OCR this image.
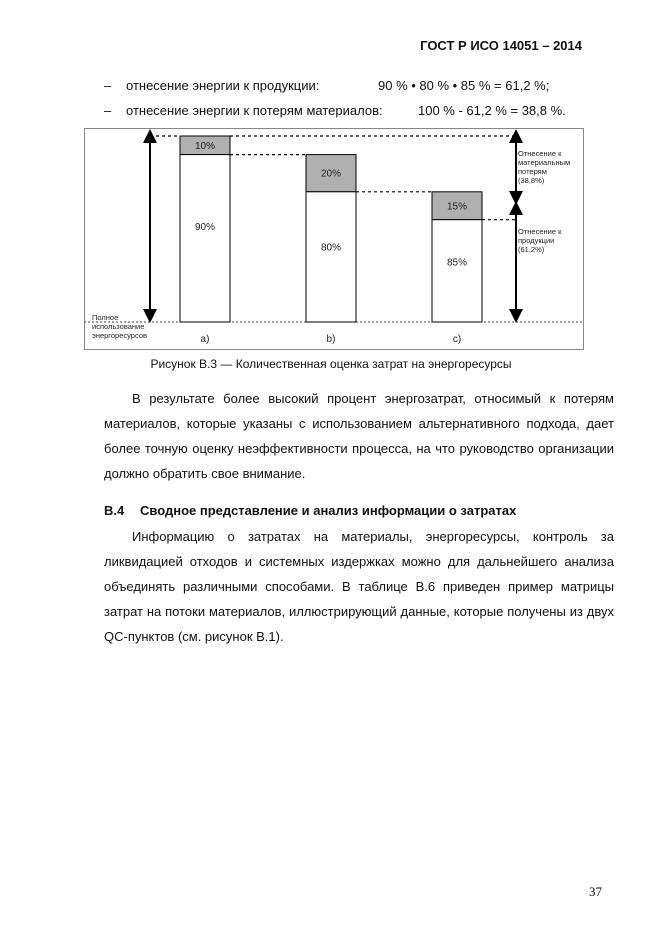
ГОСТ Р ИСО 14051 – 2014
– отнесение энергии к продукции:	90 % • 80 % • 85 % = 61,2 %;
– отнесение энергии к потерям материалов:	100 % - 61,2 % = 38,8 %.
10%
90%
a)
20%
80%
b)
15%
85%
c)
Полное использование энергоресурсов
Отнесение к материальным потерям (38,8%)
Отнесение к продукции (61,2%)
Рисунок В.3 — Количественная оценка затрат на энергоресурсы

В результате более высокий процент энергозатрат, относимый к потерям материалов, которые указаны с использованием альтернативного подхода, дает более точную оценку неэффективности процесса, на что руководство организации должно обратить свое внимание.

В.4 Сводное представление и анализ информации о затратах

Информацию о затратах на материалы, энергоресурсы, контроль за ликвидацией отходов и системных издержках можно для дальнейшего анализа объединять различными способами. В таблице В.6 приведен пример матрицы затрат на потоки материалов, иллюстрирующий данные, которые получены из двух QC-пунктов (см. рисунок В.1).

37
